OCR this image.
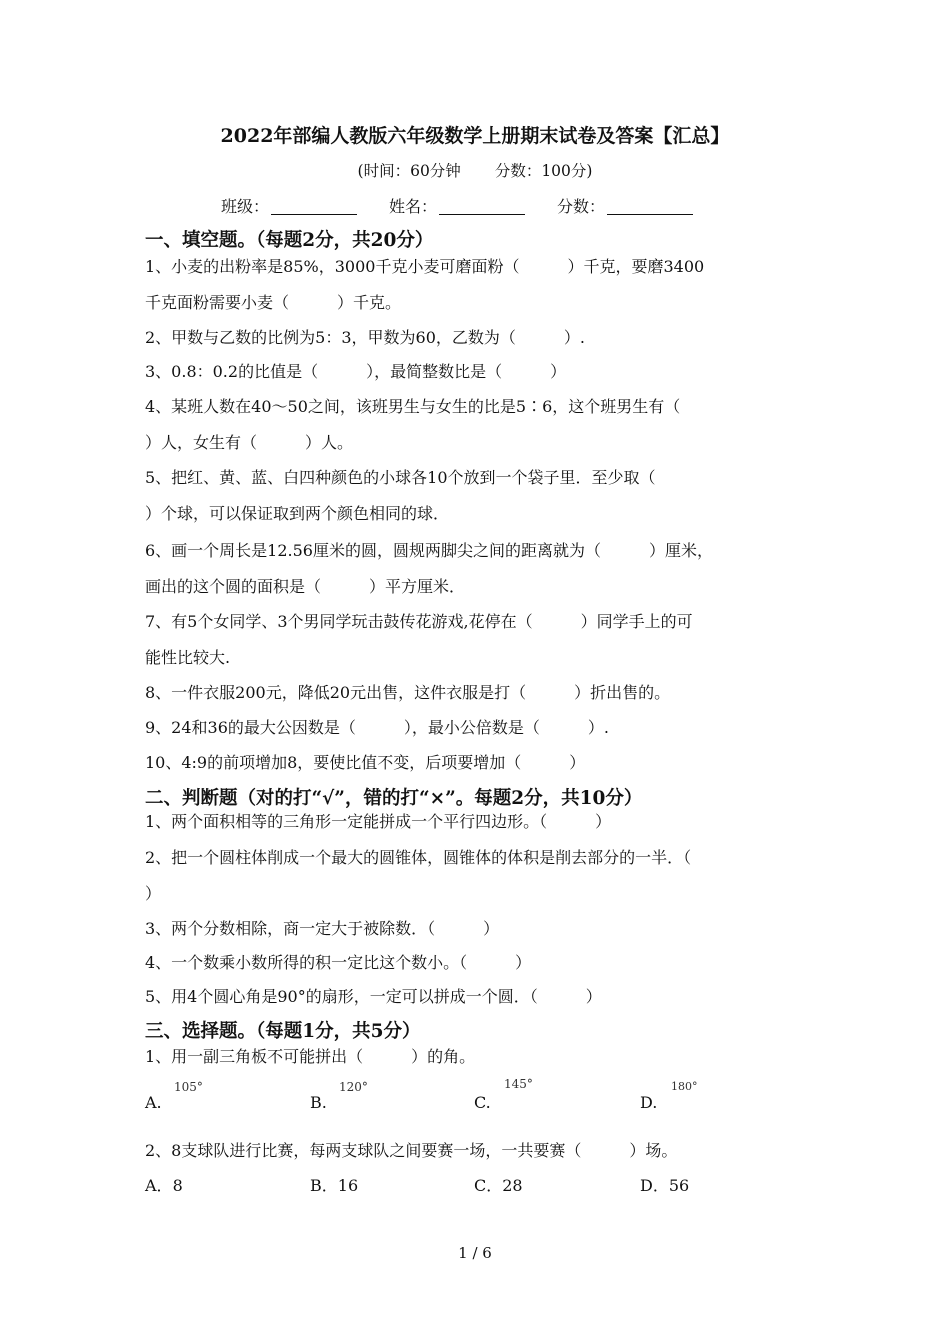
2022年部编人教版六年级数学上册期末试卷及答案【汇总】
(时间：60分钟 分数：100分)
班级：	姓名：	分数：
一、填空题。（每题2分，共20分）
1、小麦的出粉率是85%，3000千克小麦可磨面粉（　　　）千克，要磨3400
千克面粉需要小麦（　　　）千克。
2、甲数与乙数的比例为5：3，甲数为60，乙数为（　　　）.
3、0.8：0.2的比值是（　　　），最简整数比是（　　　）
4、某班人数在40～50之间，该班男生与女生的比是5∶6，这个班男生有（
）人，女生有（　　　）人。
5、把红、黄、蓝、白四种颜色的小球各10个放到一个袋子里．至少取（
）个球，可以保证取到两个颜色相同的球．
6、画一个周长是12.56厘米的圆，圆规两脚尖之间的距离就为（　　　）厘米，
画出的这个圆的面积是（　　　）平方厘米．
7、有5个女同学、3个男同学玩击鼓传花游戏,花停在（　　　）同学手上的可
能性比较大.
8、一件衣服200元，降低20元出售，这件衣服是打（　　　）折出售的。
9、24和36的最大公因数是（　　　），最小公倍数是（　　　）.
10、4:9的前项增加8，要使比值不变，后项要增加（　　　）
二、判断题（对的打“√”，错的打“×”。每题2分，共10分）
1、两个面积相等的三角形一定能拼成一个平行四边形。（　　　）
2、把一个圆柱体削成一个最大的圆锥体，圆锥体的体积是削去部分的一半．（
）
3、两个分数相除，商一定大于被除数．（　　　）
4、一个数乘小数所得的积一定比这个数小。（　　　）
5、用4个圆心角是90°的扇形，一定可以拼成一个圆．（　　　）
三、选择题。（每题1分，共5分）
1、用一副三角板不可能拼出（　　　）的角。
A.
105°
B.
120°
C.
145°
D.
180°
2、8支球队进行比赛，每两支球队之间要赛一场，一共要赛（　　　）场。
A．8	B．16	C．28	D．56
1 / 6
